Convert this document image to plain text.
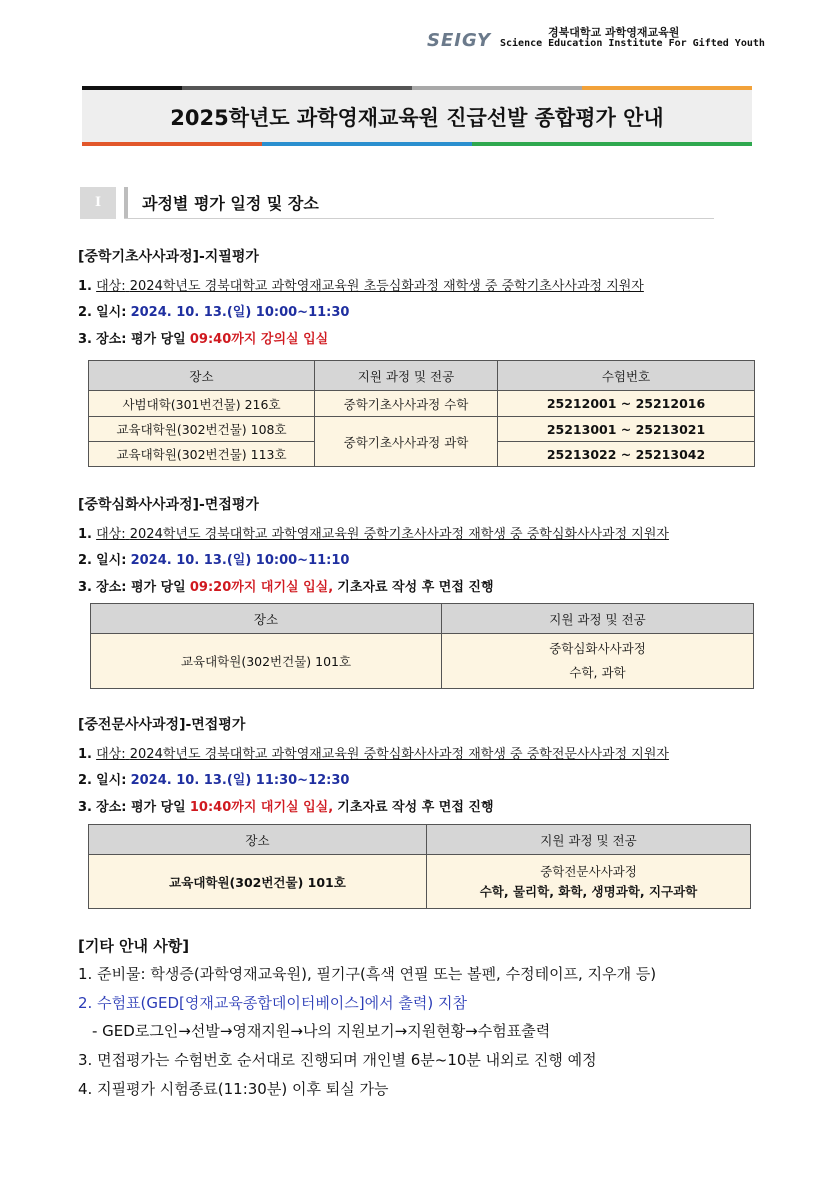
SEIGY	경북대학교 과학영재교육원
Science Education Institute For Gifted Youth
2025학년도 과학영재교육원 진급선발 종합평가 안내
I	과정별 평가 일정 및 장소
[중학기초사사과정]-지필평가
1. 대상: 2024학년도 경북대학교 과학영재교육원 초등심화과정 재학생 중 중학기초사사과정 지원자
2. 일시: 2024. 10. 13.(일) 10:00~11:30
3. 장소: 평가 당일 09:40까지 강의실 입실
장소	지원 과정 및 전공	수험번호
사범대학(301번건물) 216호	중학기초사사과정 수학	25212001 ~ 25212016
교육대학원(302번건물) 108호	중학기초사사과정 과학	25213001 ~ 25213021
교육대학원(302번건물) 113호		25213022 ~ 25213042
[중학심화사사과정]-면접평가
1. 대상: 2024학년도 경북대학교 과학영재교육원 중학기초사사과정 재학생 중 중학심화사사과정 지원자
2. 일시: 2024. 10. 13.(일) 10:00~11:10
3. 장소: 평가 당일 09:20까지 대기실 입실, 기초자료 작성 후 면접 진행
장소	지원 과정 및 전공
교육대학원(302번건물) 101호	중학심화사사과정
수학, 과학
[중전문사사과정]-면접평가
1. 대상: 2024학년도 경북대학교 과학영재교육원 중학심화사사과정 재학생 중 중학전문사사과정 지원자
2. 일시: 2024. 10. 13.(일) 11:30~12:30
3. 장소: 평가 당일 10:40까지 대기실 입실, 기초자료 작성 후 면접 진행
장소	지원 과정 및 전공
교육대학원(302번건물) 101호	중학전문사사과정
수학, 물리학, 화학, 생명과학, 지구과학
[기타 안내 사항]
1. 준비물: 학생증(과학영재교육원), 필기구(흑색 연필 또는 볼펜, 수정테이프, 지우개 등)
2. 수험표(GED[영재교육종합데이터베이스]에서 출력) 지참
- GED로그인→선발→영재지원→나의 지원보기→지원현황→수험표출력
3. 면접평가는 수험번호 순서대로 진행되며 개인별 6분~10분 내외로 진행 예정
4. 지필평가 시험종료(11:30분) 이후 퇴실 가능
